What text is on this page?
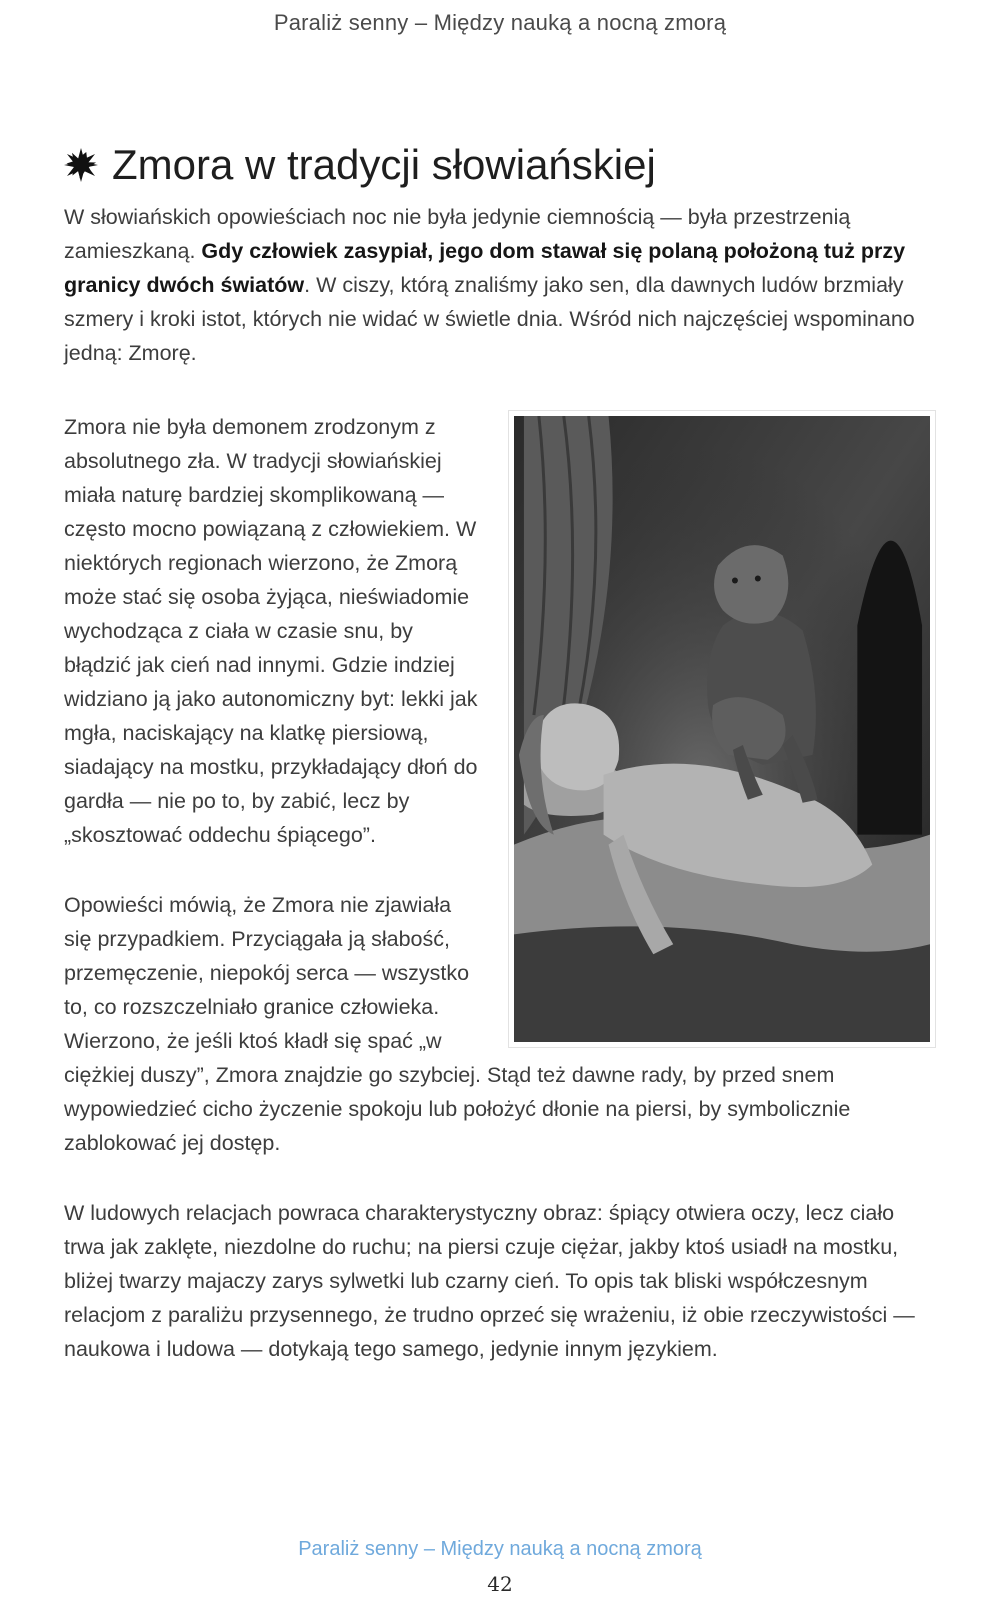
Paraliż senny – Między nauką a nocną zmorą
Zmora w tradycji słowiańskiej

W słowiańskich opowieściach noc nie była jedynie ciemnością — była przestrzenią zamieszkaną. Gdy człowiek zasypiał, jego dom stawał się polaną położoną tuż przy granicy dwóch światów. W ciszy, którą znaliśmy jako sen, dla dawnych ludów brzmiały szmery i kroki istot, których nie widać w świetle dnia. Wśród nich najczęściej wspominano jedną: Zmorę.

Zmora nie była demonem zrodzonym z absolutnego zła. W tradycji słowiańskiej miała naturę bardziej skomplikowaną — często mocno powiązaną z człowiekiem. W niektórych regionach wierzono, że Zmorą może stać się osoba żyjąca, nieświadomie wychodząca z ciała w czasie snu, by błądzić jak cień nad innymi. Gdzie indziej widziano ją jako autonomiczny byt: lekki jak mgła, naciskający na klatkę piersiową, siadający na mostku, przykładający dłoń do gardła — nie po to, by zabić, lecz by „skosztować oddechu śpiącego”.

Opowieści mówią, że Zmora nie zjawiała się przypadkiem. Przyciągała ją słabość, przemęczenie, niepokój serca — wszystko to, co rozszczelniało granice człowieka. Wierzono, że jeśli ktoś kładł się spać „w ciężkiej duszy”, Zmora znajdzie go szybciej. Stąd też dawne rady, by przed snem wypowiedzieć cicho życzenie spokoju lub położyć dłonie na piersi, by symbolicznie zablokować jej dostęp.

W ludowych relacjach powraca charakterystyczny obraz: śpiący otwiera oczy, lecz ciało trwa jak zaklęte, niezdolne do ruchu; na piersi czuje ciężar, jakby ktoś usiadł na mostku, bliżej twarzy majaczy zarys sylwetki lub czarny cień. To opis tak bliski współczesnym relacjom z paraliżu przysennego, że trudno oprzeć się wrażeniu, iż obie rzeczywistości — naukowa i ludowa — dotykają tego samego, jedynie innym językiem.

Paraliż senny – Między nauką a nocną zmorą
42
